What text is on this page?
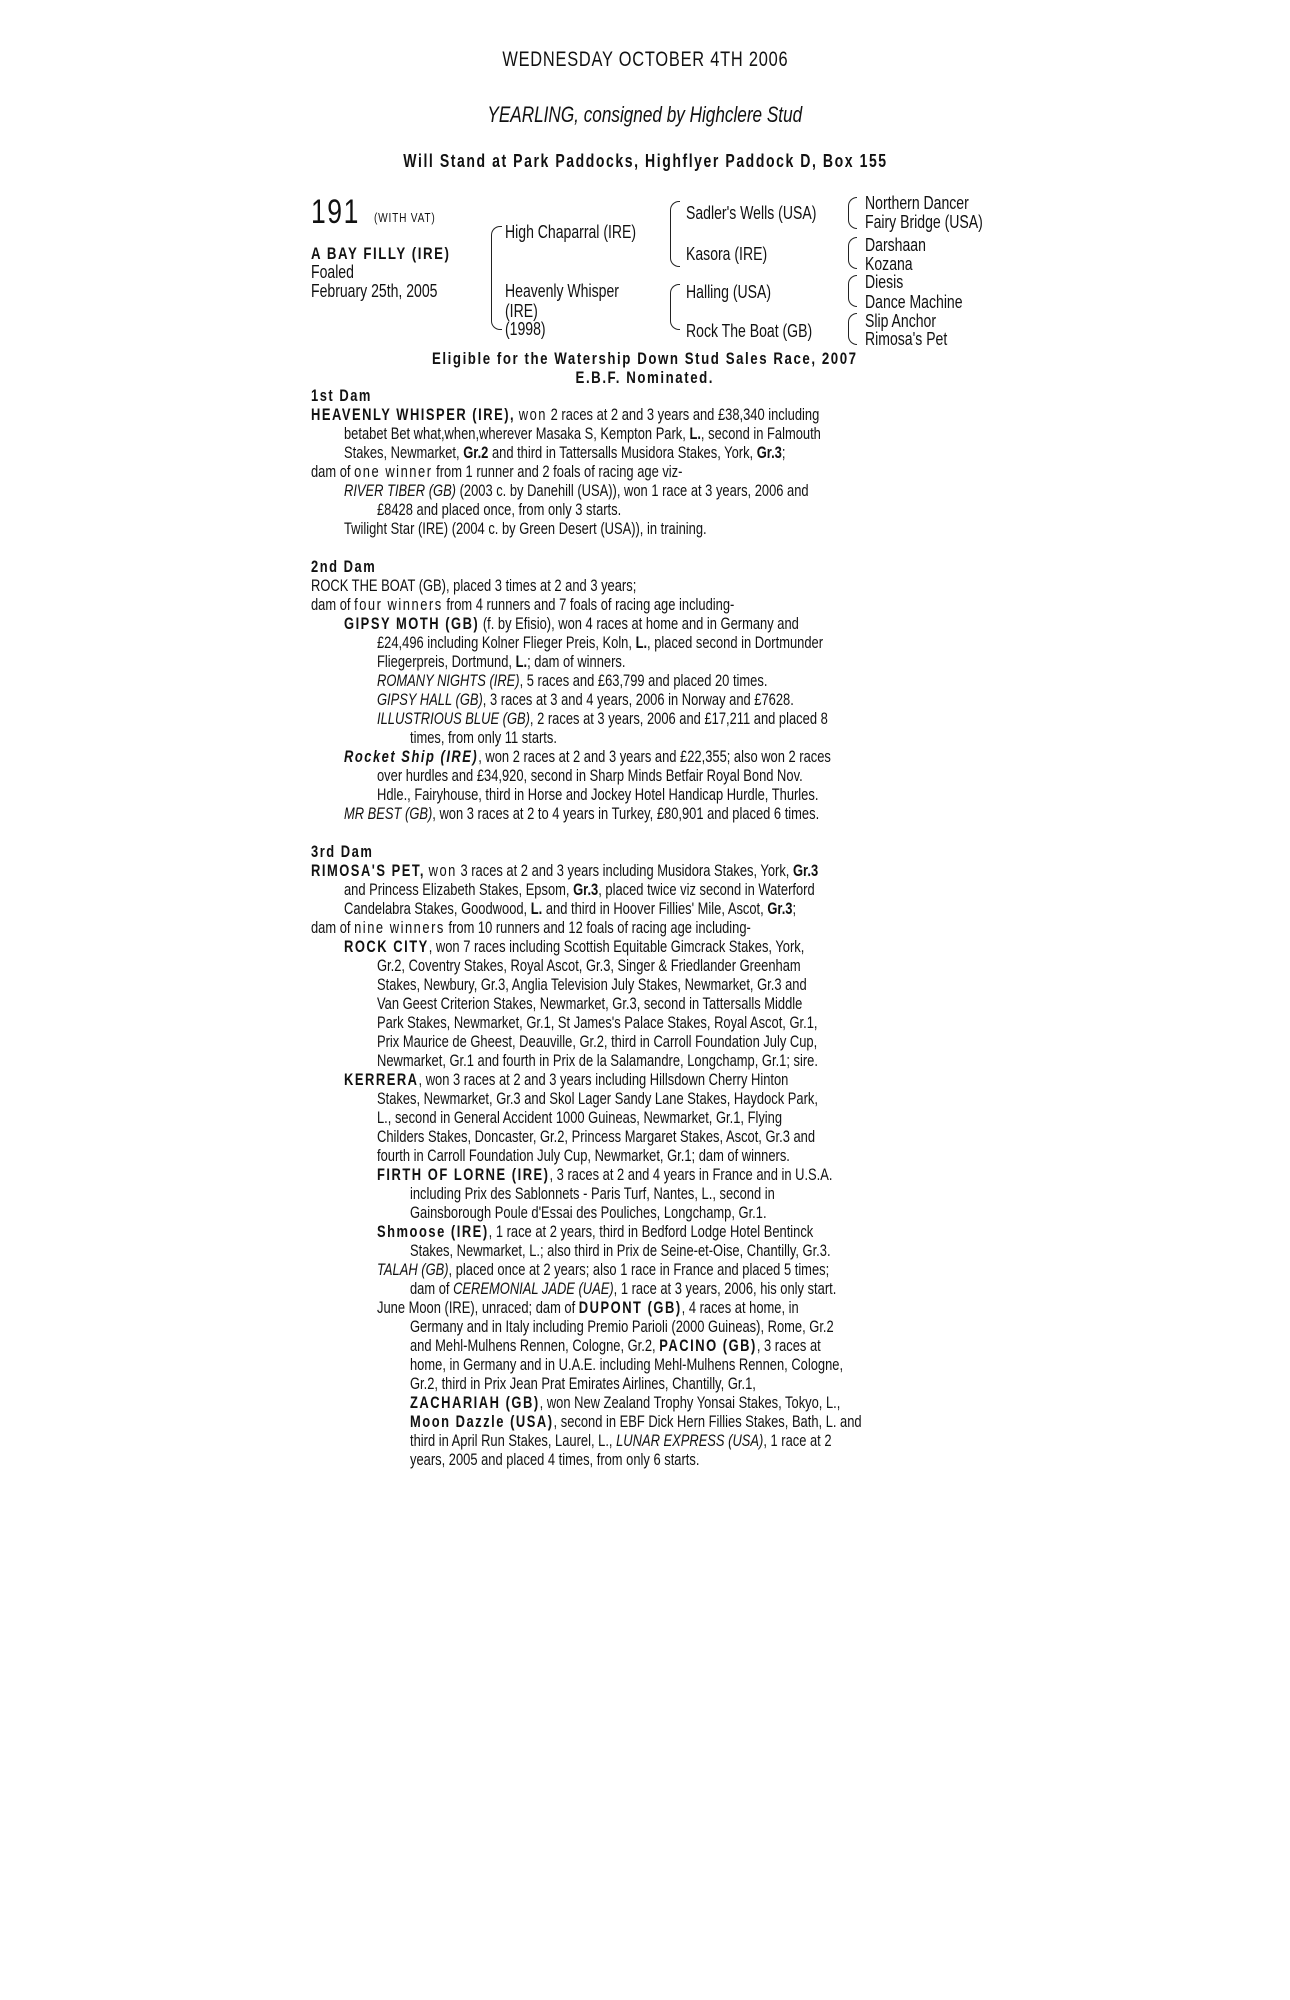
WEDNESDAY OCTOBER 4TH 2006
YEARLING, consigned by Highclere Stud
Will Stand at Park Paddocks, Highflyer Paddock D, Box 155
191	(WITH VAT)
A BAY FILLY (IRE)
Foaled
February 25th, 2005
High Chaparral (IRE)
Heavenly Whisper
(IRE)
(1998)
Sadler's Wells (USA)
Kasora (IRE)
Halling (USA)
Rock The Boat (GB)
Northern Dancer
Fairy Bridge (USA)
Darshaan
Kozana
Diesis
Dance Machine
Slip Anchor
Rimosa's Pet
Eligible for the Watership Down Stud Sales Race, 2007
E.B.F. Nominated.
1st Dam
HEAVENLY WHISPER (IRE), won 2 races at 2 and 3 years and £38,340 including
betabet Bet what,when,wherever Masaka S, Kempton Park, L., second in Falmouth
Stakes, Newmarket, Gr.2 and third in Tattersalls Musidora Stakes, York, Gr.3;
dam of one winner from 1 runner and 2 foals of racing age viz-
RIVER TIBER (GB) (2003 c. by Danehill (USA)), won 1 race at 3 years, 2006 and
£8428 and placed once, from only 3 starts.
Twilight Star (IRE) (2004 c. by Green Desert (USA)), in training.
2nd Dam
ROCK THE BOAT (GB), placed 3 times at 2 and 3 years;
dam of four winners from 4 runners and 7 foals of racing age including-
GIPSY MOTH (GB) (f. by Efisio), won 4 races at home and in Germany and
£24,496 including Kolner Flieger Preis, Koln, L., placed second in Dortmunder
Fliegerpreis, Dortmund, L.; dam of winners.
ROMANY NIGHTS (IRE), 5 races and £63,799 and placed 20 times.
GIPSY HALL (GB), 3 races at 3 and 4 years, 2006 in Norway and £7628.
ILLUSTRIOUS BLUE (GB), 2 races at 3 years, 2006 and £17,211 and placed 8
times, from only 11 starts.
Rocket Ship (IRE), won 2 races at 2 and 3 years and £22,355; also won 2 races
over hurdles and £34,920, second in Sharp Minds Betfair Royal Bond Nov.
Hdle., Fairyhouse, third in Horse and Jockey Hotel Handicap Hurdle, Thurles.
MR BEST (GB), won 3 races at 2 to 4 years in Turkey, £80,901 and placed 6 times.
3rd Dam
RIMOSA'S PET, won 3 races at 2 and 3 years including Musidora Stakes, York, Gr.3
and Princess Elizabeth Stakes, Epsom, Gr.3, placed twice viz second in Waterford
Candelabra Stakes, Goodwood, L. and third in Hoover Fillies' Mile, Ascot, Gr.3;
dam of nine winners from 10 runners and 12 foals of racing age including-
ROCK CITY, won 7 races including Scottish Equitable Gimcrack Stakes, York,
Gr.2, Coventry Stakes, Royal Ascot, Gr.3, Singer & Friedlander Greenham
Stakes, Newbury, Gr.3, Anglia Television July Stakes, Newmarket, Gr.3 and
Van Geest Criterion Stakes, Newmarket, Gr.3, second in Tattersalls Middle
Park Stakes, Newmarket, Gr.1, St James's Palace Stakes, Royal Ascot, Gr.1,
Prix Maurice de Gheest, Deauville, Gr.2, third in Carroll Foundation July Cup,
Newmarket, Gr.1 and fourth in Prix de la Salamandre, Longchamp, Gr.1; sire.
KERRERA, won 3 races at 2 and 3 years including Hillsdown Cherry Hinton
Stakes, Newmarket, Gr.3 and Skol Lager Sandy Lane Stakes, Haydock Park,
L., second in General Accident 1000 Guineas, Newmarket, Gr.1, Flying
Childers Stakes, Doncaster, Gr.2, Princess Margaret Stakes, Ascot, Gr.3 and
fourth in Carroll Foundation July Cup, Newmarket, Gr.1; dam of winners.
FIRTH OF LORNE (IRE), 3 races at 2 and 4 years in France and in U.S.A.
including Prix des Sablonnets - Paris Turf, Nantes, L., second in
Gainsborough Poule d'Essai des Pouliches, Longchamp, Gr.1.
Shmoose (IRE), 1 race at 2 years, third in Bedford Lodge Hotel Bentinck
Stakes, Newmarket, L.; also third in Prix de Seine-et-Oise, Chantilly, Gr.3.
TALAH (GB), placed once at 2 years; also 1 race in France and placed 5 times;
dam of CEREMONIAL JADE (UAE), 1 race at 3 years, 2006, his only start.
June Moon (IRE), unraced; dam of DUPONT (GB), 4 races at home, in
Germany and in Italy including Premio Parioli (2000 Guineas), Rome, Gr.2
and Mehl-Mulhens Rennen, Cologne, Gr.2, PACINO (GB), 3 races at
home, in Germany and in U.A.E. including Mehl-Mulhens Rennen, Cologne,
Gr.2, third in Prix Jean Prat Emirates Airlines, Chantilly, Gr.1,
ZACHARIAH (GB), won New Zealand Trophy Yonsai Stakes, Tokyo, L.,
Moon Dazzle (USA), second in EBF Dick Hern Fillies Stakes, Bath, L. and
third in April Run Stakes, Laurel, L., LUNAR EXPRESS (USA), 1 race at 2
years, 2005 and placed 4 times, from only 6 starts.
